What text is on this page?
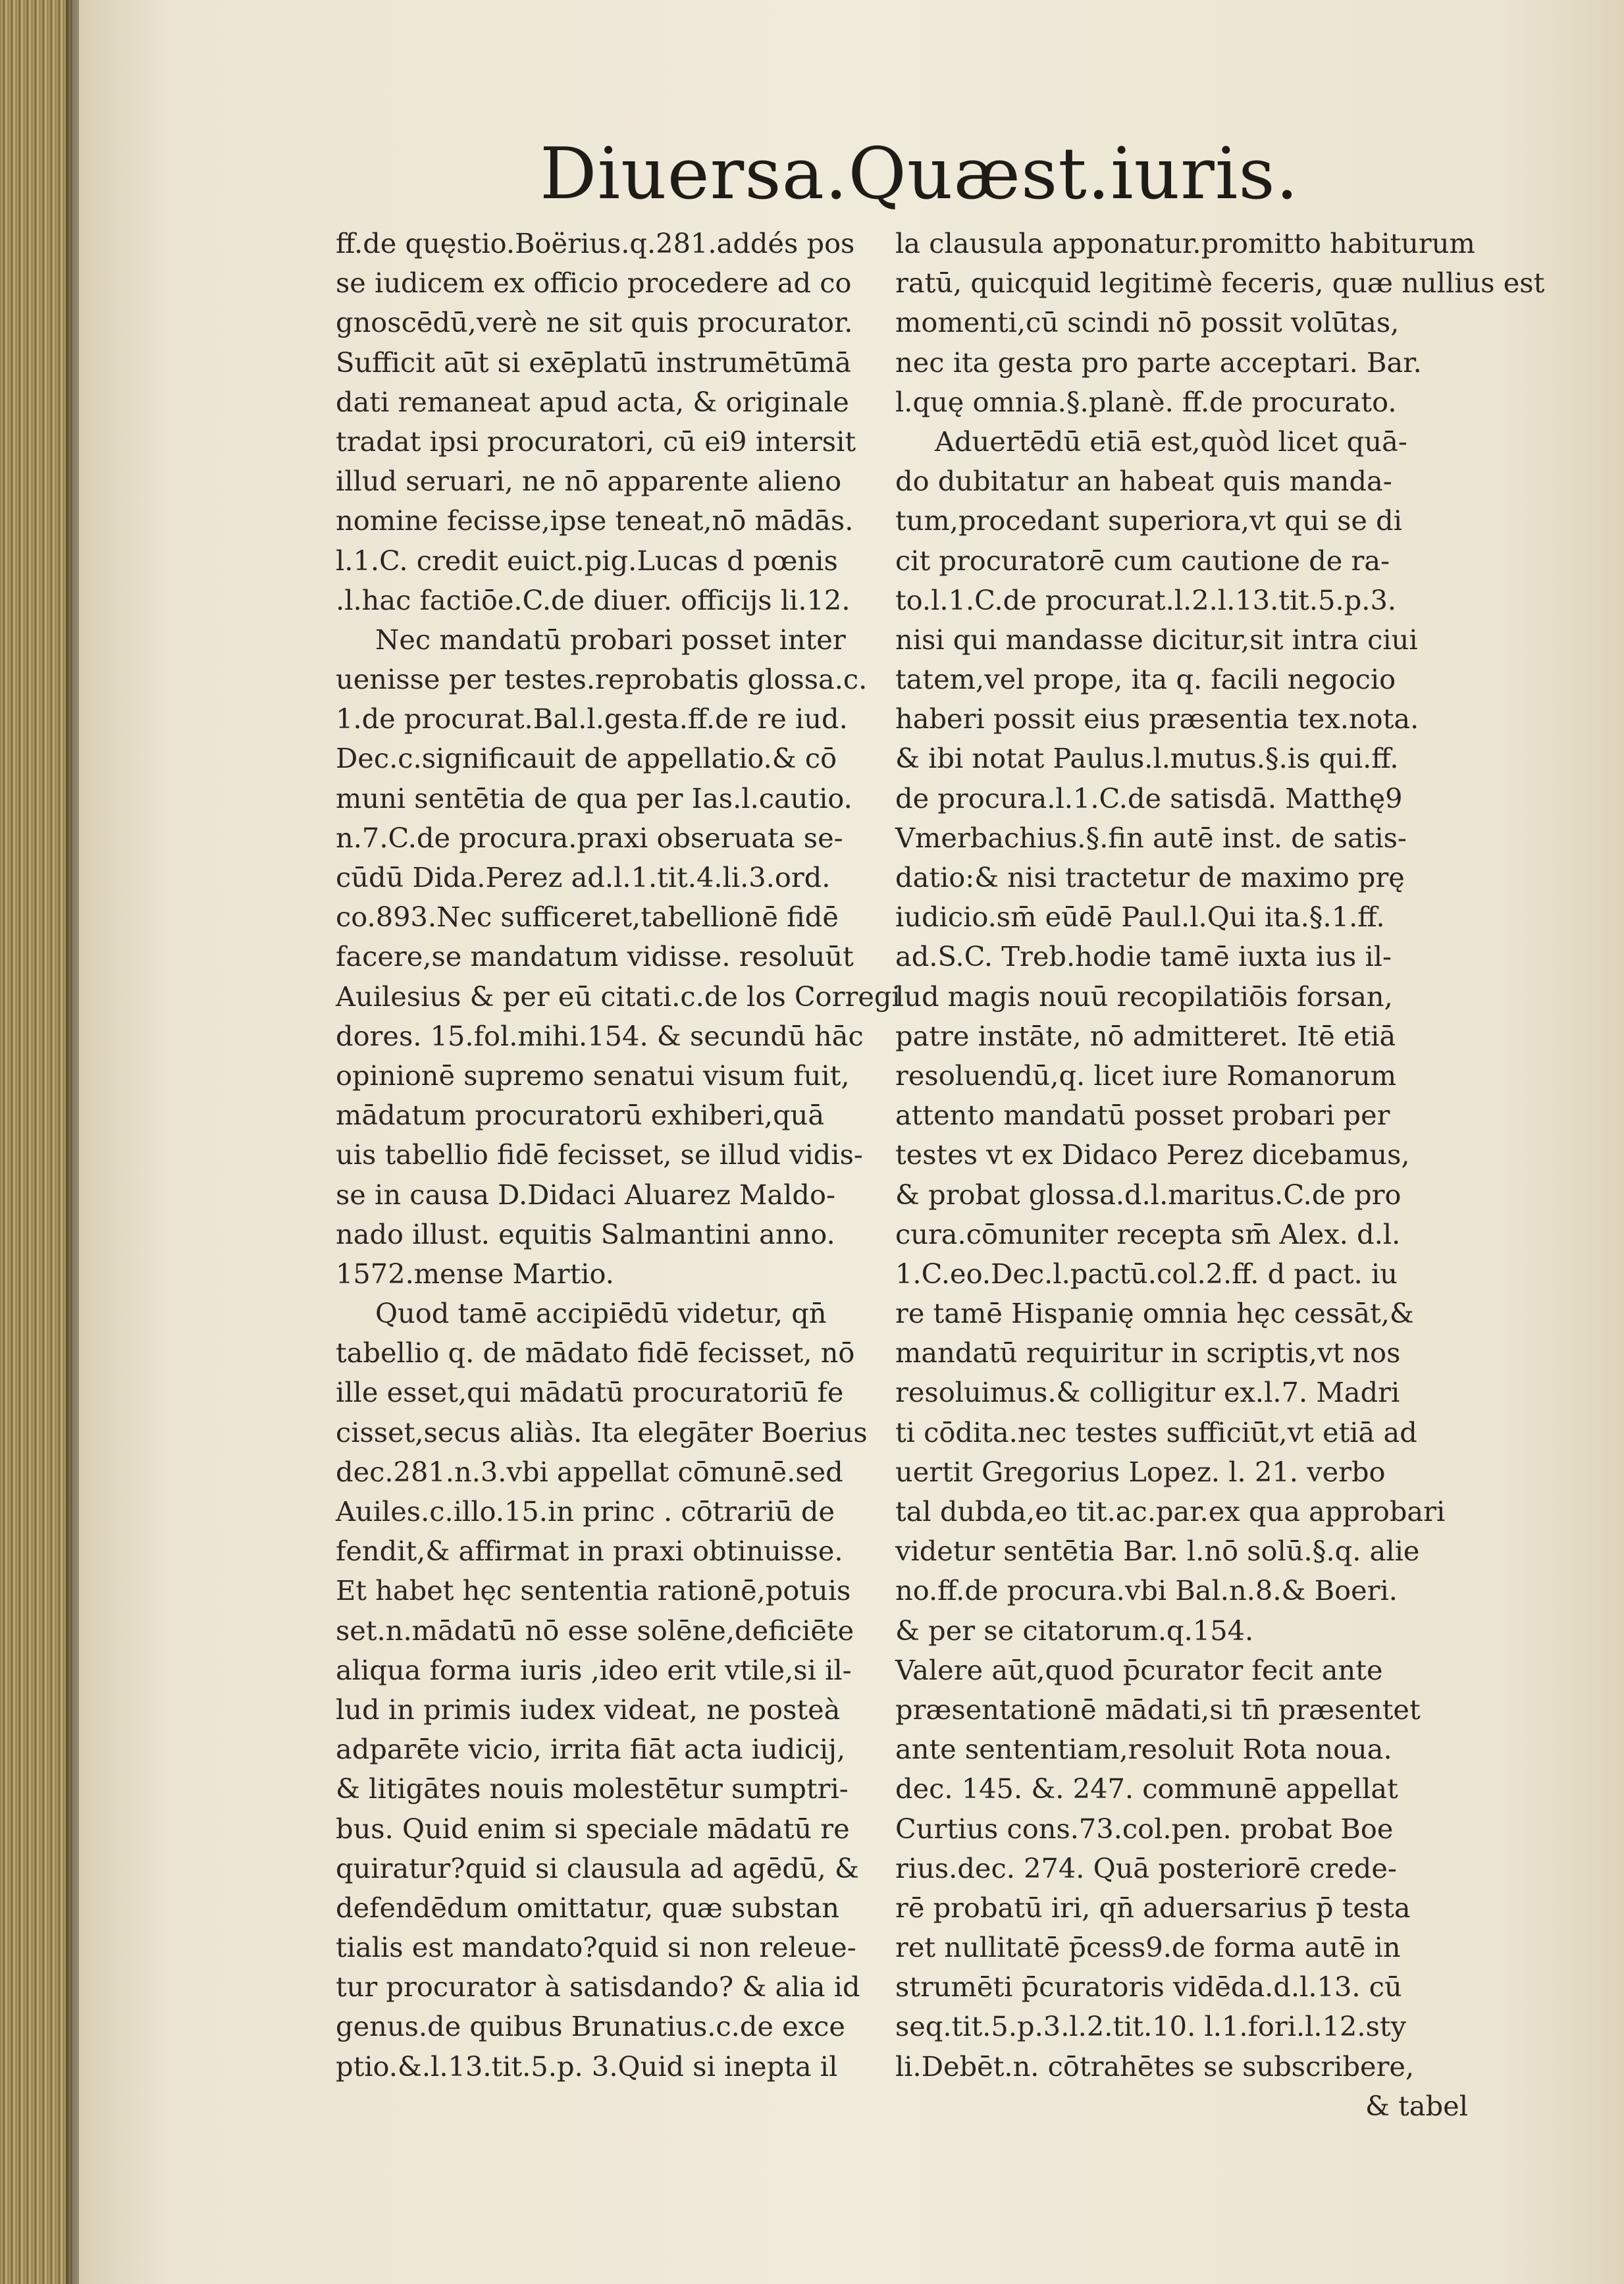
Diuersa.Quæst.iuris.
ff.de quęstio.Boërius.q.281.addés pos
se iudicem ex officio procedere ad co
gnoscēdū,verè ne sit quis procurator.
Sufficit aūt si exēplatū instrumētūmā
dati remaneat apud acta, & originale
tradat ipsi procuratori, cū ei9 intersit
illud seruari, ne nō apparente alieno
nomine fecisse,ipse teneat,nō mādās.
l.1.C. credit euict.pig.Lucas d pœnis
.l.hac factiōe.C.de diuer. officijs li.12.
Nec mandatū probari posset inter
uenisse per testes.reprobatis glossa.c.
1.de procurat.Bal.l.gesta.ff.de re iud.
Dec.c.significauit de appellatio.& cō
muni sentētia de qua per Ias.l.cautio.
n.7.C.de procura.praxi obseruata se-
cūdū Dida.Perez ad.l.1.tit.4.li.3.ord.
co.893.Nec sufficeret,tabellionē fidē
facere,se mandatum vidisse. resoluūt
Auilesius & per eū citati.c.de los Corregi
dores. 15.fol.mihi.154. & secundū hāc
opinionē supremo senatui visum fuit,
mādatum procuratorū exhiberi,quā
uis tabellio fidē fecisset, se illud vidis-
se in causa D.Didaci Aluarez Maldo-
nado illust. equitis Salmantini anno.
1572.mense Martio.
Quod tamē accipiēdū videtur, qn̄
tabellio q. de mādato fidē fecisset, nō
ille esset,qui mādatū procuratoriū fe
cisset,secus aliàs. Ita elegāter Boerius
dec.281.n.3.vbi appellat cōmunē.sed
Auiles.c.illo.15.in princ . cōtrariū de
fendit,& affirmat in praxi obtinuisse.
Et habet hęc sententia rationē,potuis
set.n.mādatū nō esse solēne,deficiēte
aliqua forma iuris ,ideo erit vtile,si il-
lud in primis iudex videat, ne posteà
adparēte vicio, irrita fiāt acta iudicij,
& litigātes nouis molestētur sumptri-
bus. Quid enim si speciale mādatū re
quiratur?quid si clausula ad agēdū, &
defendēdum omittatur, quæ substan
tialis est mandato?quid si non releue-
tur procurator à satisdando? & alia id
genus.de quibus Brunatius.c.de exce
ptio.&.l.13.tit.5.p. 3.Quid si inepta il
la clausula apponatur.promitto habiturum
ratū, quicquid legitimè feceris, quæ nullius est
momenti,cū scindi nō possit volūtas,
nec ita gesta pro parte acceptari. Bar.
l.quę omnia.§.planè. ff.de procurato.
Aduertēdū etiā est,quòd licet quā-
do dubitatur an habeat quis manda-
tum,procedant superiora,vt qui se di
cit procuratorē cum cautione de ra-
to.l.1.C.de procurat.l.2.l.13.tit.5.p.3.
nisi qui mandasse dicitur,sit intra ciui
tatem,vel prope, ita q. facili negocio
haberi possit eius præsentia tex.nota.
& ibi notat Paulus.l.mutus.§.is qui.ff.
de procura.l.1.C.de satisdā. Matthę9
Vmerbachius.§.fin autē inst. de satis-
datio:& nisi tractetur de maximo prę
iudicio.sm̄ eūdē Paul.l.Qui ita.§.1.ff.
ad.S.C. Treb.hodie tamē iuxta ius il-
lud magis nouū recopilatiōis forsan,
patre instāte, nō admitteret. Itē etiā
resoluendū,q. licet iure Romanorum
attento mandatū posset probari per
testes vt ex Didaco Perez dicebamus,
& probat glossa.d.l.maritus.C.de pro
cura.cōmuniter recepta sm̄ Alex. d.l.
1.C.eo.Dec.l.pactū.col.2.ff. d pact. iu
re tamē Hispanię omnia hęc cessāt,&
mandatū requiritur in scriptis,vt nos
resoluimus.& colligitur ex.l.7. Madri
ti cōdita.nec testes sufficiūt,vt etiā ad
uertit Gregorius Lopez. l. 21. verbo
tal dubda,eo tit.ac.par.ex qua approbari
videtur sentētia Bar. l.nō solū.§.q. alie
no.ff.de procura.vbi Bal.n.8.& Boeri.
& per se citatorum.q.154.
Valere aūt,quod p̄curator fecit ante
præsentationē mādati,si tn̄ præsentet
ante sententiam,resoluit Rota noua.
dec. 145. &. 247. communē appellat
Curtius cons.73.col.pen. probat Boe
rius.dec. 274. Quā posteriorē crede-
rē probatū iri, qn̄ aduersarius p̄ testa
ret nullitatē p̄cess9.de forma autē in
strumēti p̄curatoris vidēda.d.l.13. cū
seq.tit.5.p.3.l.2.tit.10. l.1.fori.l.12.sty
li.Debēt.n. cōtrahētes se subscribere,
& tabel
